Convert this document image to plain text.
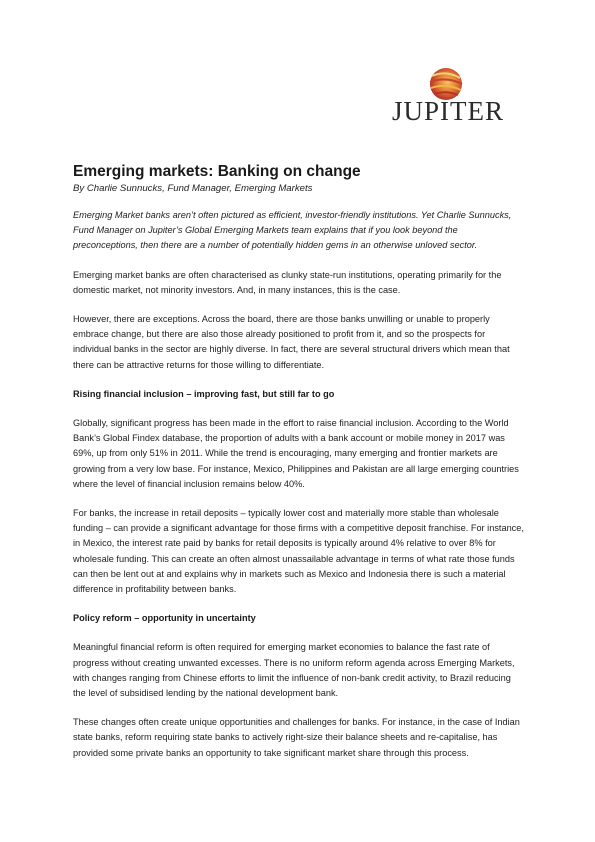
JUPITER
Emerging markets: Banking on change

By Charlie Sunnucks, Fund Manager, Emerging Markets

Emerging Market banks aren’t often pictured as efficient, investor-friendly institutions. Yet Charlie Sunnucks, Fund Manager on Jupiter’s Global Emerging Markets team explains that if you look beyond the preconceptions, then there are a number of potentially hidden gems in an otherwise unloved sector.

Emerging market banks are often characterised as clunky state-run institutions, operating primarily for the domestic market, not minority investors. And, in many instances, this is the case.

However, there are exceptions. Across the board, there are those banks unwilling or unable to properly embrace change, but there are also those already positioned to profit from it, and so the prospects for individual banks in the sector are highly diverse. In fact, there are several structural drivers which mean that there can be attractive returns for those willing to differentiate.

Rising financial inclusion – improving fast, but still far to go

Globally, significant progress has been made in the effort to raise financial inclusion. According to the World Bank’s Global Findex database, the proportion of adults with a bank account or mobile money in 2017 was 69%, up from only 51% in 2011. While the trend is encouraging, many emerging and frontier markets are growing from a very low base. For instance, Mexico, Philippines and Pakistan are all large emerging countries where the level of financial inclusion remains below 40%.

For banks, the increase in retail deposits – typically lower cost and materially more stable than wholesale funding – can provide a significant advantage for those firms with a competitive deposit franchise. For instance, in Mexico, the interest rate paid by banks for retail deposits is typically around 4% relative to over 8% for wholesale funding. This can create an often almost unassailable advantage in terms of what rate those funds can then be lent out at and explains why in markets such as Mexico and Indonesia there is such a material difference in profitability between banks.

Policy reform – opportunity in uncertainty

Meaningful financial reform is often required for emerging market economies to balance the fast rate of progress without creating unwanted excesses. There is no uniform reform agenda across Emerging Markets, with changes ranging from Chinese efforts to limit the influence of non-bank credit activity, to Brazil reducing the level of subsidised lending by the national development bank.

These changes often create unique opportunities and challenges for banks. For instance, in the case of Indian state banks, reform requiring state banks to actively right-size their balance sheets and re-capitalise, has provided some private banks an opportunity to take significant market share through this process.
